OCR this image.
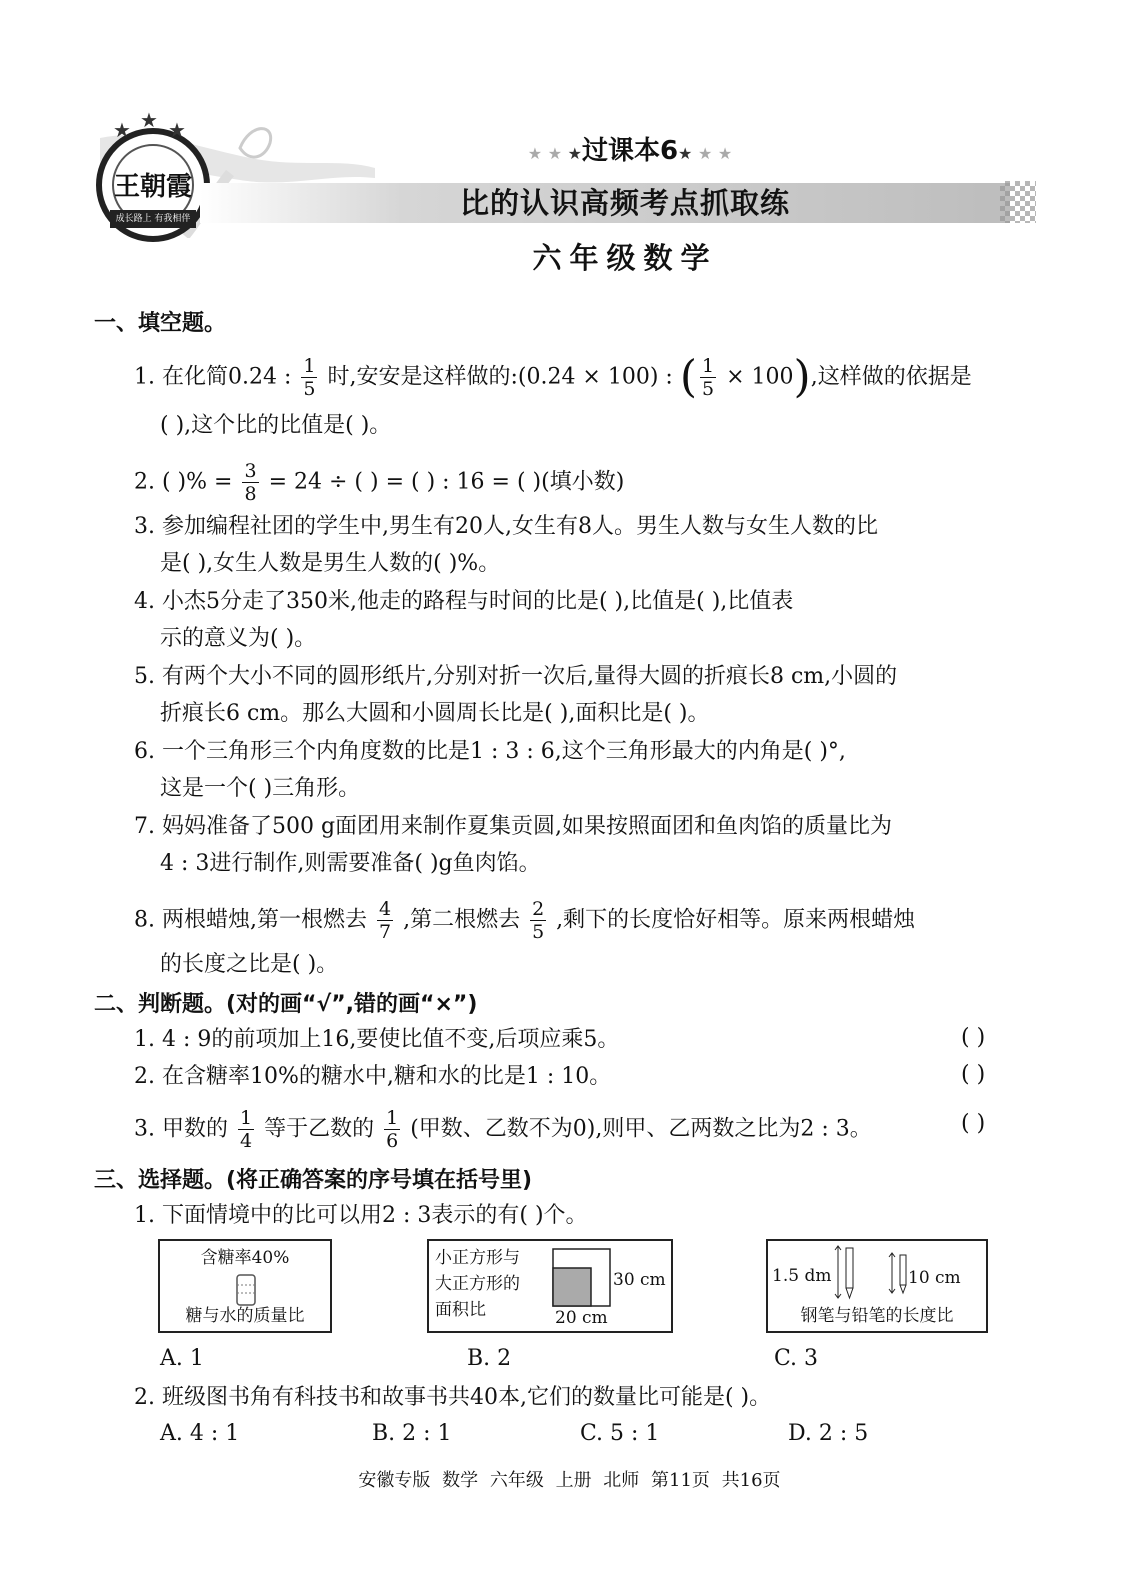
王朝霞
成长路上 有我相伴
★ ★ ★
★ ★ ★过课本6★ ★ ★
比的认识高频考点抓取练
六年级数学
一、填空题。
1. 在化简0.24 : $\frac{1}{5}$ 时,安安是这样做的:(0.24 × 100) : ( $\frac{1}{5} \times 100$),这样做的依据是
( ),这个比的比值是( )。
2. ( )% = $\frac{3}{8} = 24$ ÷ ( ) = ( ) : 16 = ( )(填小数)
3. 参加编程社团的学生中,男生有20人,女生有8人。男生人数与女生人数的比
是( ),女生人数是男生人数的( )%。
4. 小杰5分走了350米,他走的路程与时间的比是( ),比值是( ),比值表
示的意义为( )。
5. 有两个大小不同的圆形纸片,分别对折一次后,量得大圆的折痕长8 cm,小圆的
折痕长6 cm。那么大圆和小圆周长比是( ),面积比是( )。
6. 一个三角形三个内角度数的比是1 : 3 : 6,这个三角形最大的内角是( )°,
这是一个( )三角形。
7. 妈妈准备了500 g面团用来制作夏集贡圆,如果按照面团和鱼肉馅的质量比为
4 : 3进行制作,则需要准备( )g鱼肉馅。
8. 两根蜡烛,第一根燃去 $\frac{4}{7}$ ,第二根燃去 $\frac{2}{5}$ ,剩下的长度恰好相等。原来两根蜡烛
的长度之比是( )。
二、判断题。(对的画“√”,错的画“×”)
1. 4 : 9的前项加上16,要使比值不变,后项应乘5。	( )
2. 在含糖率10%的糖水中,糖和水的比是1 : 10。	( )
3. 甲数的 $\frac{1}{4}$ 等于乙数的 $\frac{1}{6}$ (甲数、乙数不为0),则甲、乙两数之比为2 : 3。	( )
三、选择题。(将正确答案的序号填在括号里)
1. 下面情境中的比可以用2 : 3表示的有( )个。
含糖率40%
糖与水的质量比
小正方形与
大正方形的
面积比
30 cm
20 cm
1.5 dm	10 cm
钢笔与铅笔的长度比
A. 1	B. 2	C. 3
2. 班级图书角有科技书和故事书共40本,它们的数量比可能是( )。
A. 4 : 1	B. 2 : 1	C. 5 : 1	D. 2 : 5
安徽专版 数学 六年级 上册 北师 第11页 共16页
